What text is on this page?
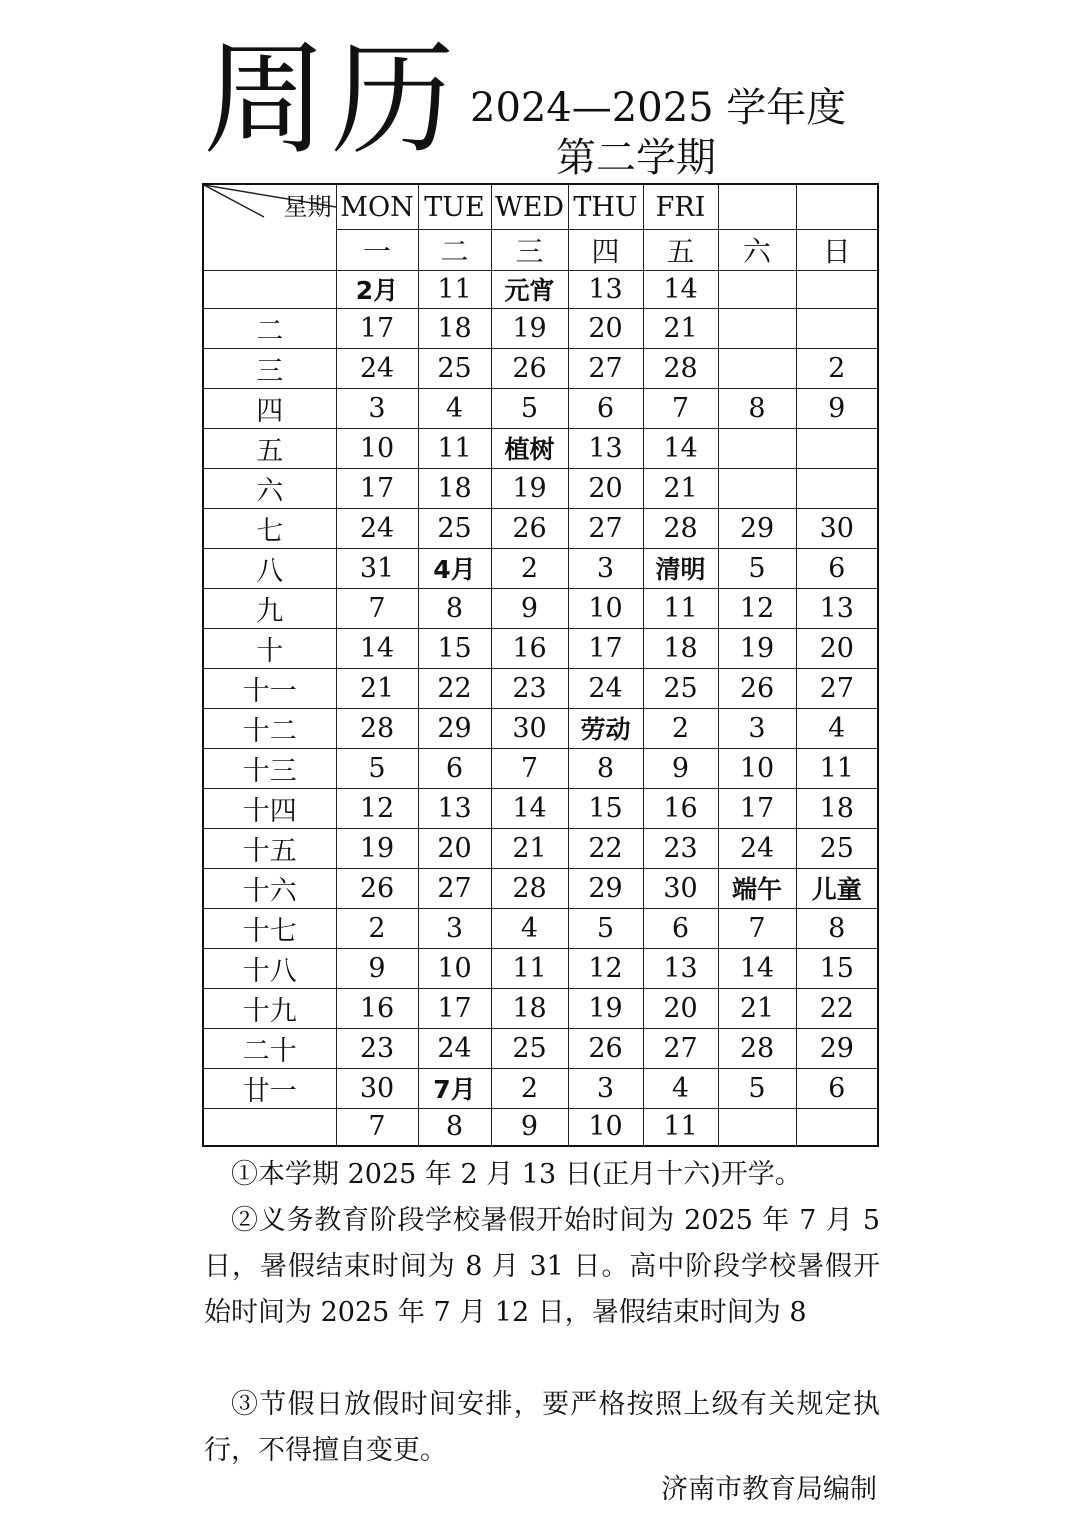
周历 2024—2025 学年度
第二学期
星期	MON	TUE	WED	THU	FRI		
	一	二	三	四	五	六	日
	2月	11	元宵	13	14		
二	17	18	19	20	21		
三	24	25	26	27	28		2
四	3	4	5	6	7	8	9
五	10	11	植树	13	14		
六	17	18	19	20	21		
七	24	25	26	27	28	29	30
八	31	4月	2	3	清明	5	6
九	7	8	9	10	11	12	13
十	14	15	16	17	18	19	20
十一	21	22	23	24	25	26	27
十二	28	29	30	劳动	2	3	4
十三	5	6	7	8	9	10	11
十四	12	13	14	15	16	17	18
十五	19	20	21	22	23	24	25
十六	26	27	28	29	30	端午	儿童
十七	2	3	4	5	6	7	8
十八	9	10	11	12	13	14	15
十九	16	17	18	19	20	21	22
二十	23	24	25	26	27	28	29
廿一	30	7月	2	3	4	5	6
	7	8	9	10	11		

①本学期 2025 年 2 月 13 日(正月十六)开学。

②义务教育阶段学校暑假开始时间为 2025 年 7 月 5 日，暑假结束时间为 8 月 31 日。高中阶段学校暑假开始时间为 2025 年 7 月 12 日，暑假结束时间为 8

③节假日放假时间安排，要严格按照上级有关规定执行，不得擅自变更。

济南市教育局编制
